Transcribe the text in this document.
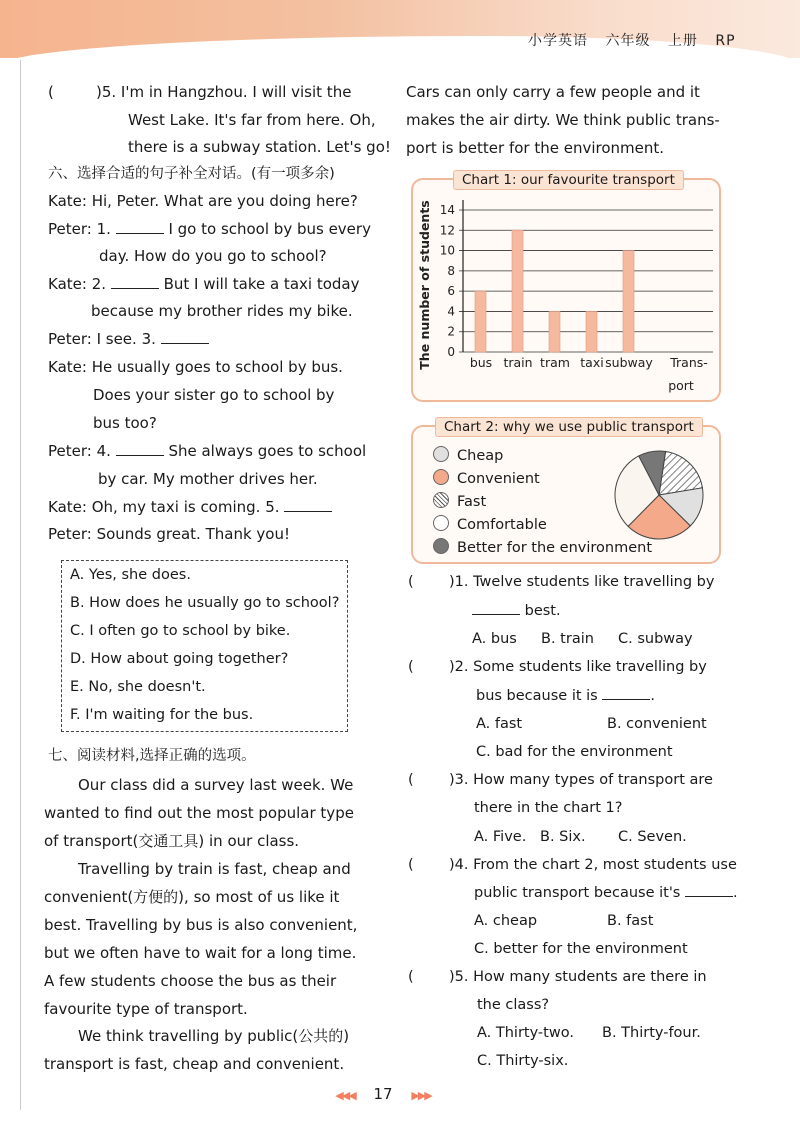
小学英语 六年级 上册 RP
(	)5. I'm in Hangzhou. I will visit the
West Lake. It's far from here. Oh,
there is a subway station. Let's go!
六、选择合适的句子补全对话。(有一项多余)
Kate: Hi, Peter. What are you doing here?
Peter: 1.	I go to school by bus every
day. How do you go to school?
Kate: 2.	But I will take a taxi today
because my brother rides my bike.
Peter: I see. 3.
Kate: He usually goes to school by bus.
Does your sister go to school by
bus too?
Peter: 4.	She always goes to school
by car. My mother drives her.
Kate: Oh, my taxi is coming. 5.
Peter: Sounds great. Thank you!
A. Yes, she does.
B. How does he usually go to school?
C. I often go to school by bike.
D. How about going together?
E. No, she doesn't.
F. I'm waiting for the bus.
七、阅读材料,选择正确的选项。
Our class did a survey last week. We
wanted to find out the most popular type
of transport(交通工具) in our class.
Travelling by train is fast, cheap and
convenient(方便的), so most of us like it
best. Travelling by bus is also convenient,
but we often have to wait for a long time.
A few students choose the bus as their
favourite type of transport.
We think travelling by public(公共的)
transport is fast, cheap and convenient.
Cars can only carry a few people and it
makes the air dirty. We think public trans-
port is better for the environment.
Chart 1: our favourite transport
0
2
4
6
8
10
12
14
The number of students	bus train tram taxi subway Trans-
port
Chart 2: why we use public transport
Cheap
Convenient
Fast
Comfortable
Better for the environment
( )1. Twelve students like travelling by
best.
A. bus B. train C. subway
( )2. Some students like travelling by
bus because it is	.
A. fast	B. convenient
C. bad for the environment
( )3. How many types of transport are
there in the chart 1?
A. Five. B. Six. C. Seven.
( )4. From the chart 2, most students use
public transport because it's	.
A. cheap	B. fast
C. better for the environment
( )5. How many students are there in
the class?
A. Thirty-two. B. Thirty-four.
C. Thirty-six.
◀◀◀ 17 ▶▶▶
